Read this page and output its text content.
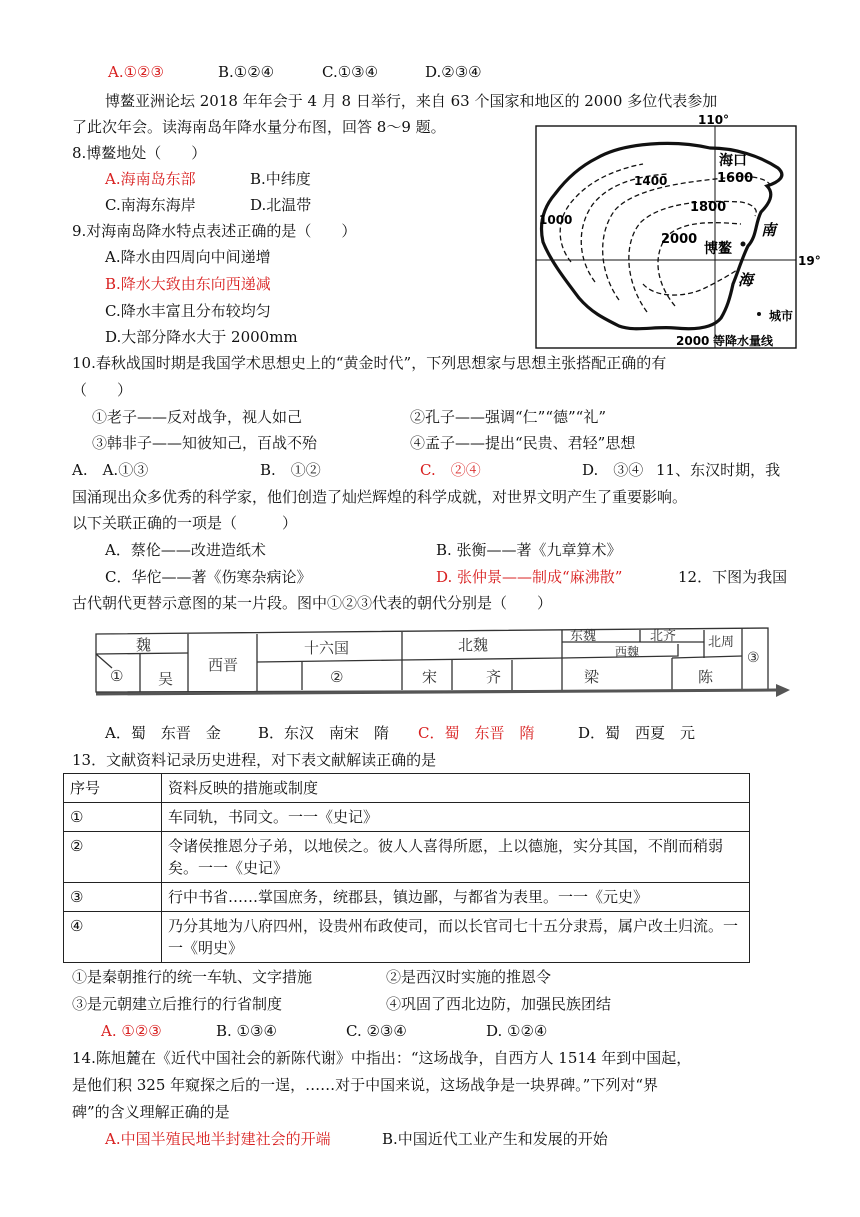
A.①②③	B.①②④	C.①③④	D.②③④
博鳌亚洲论坛 2018 年年会于 4 月 8 日举行，来自 63 个国家和地区的 2000 多位代表参加
了此次年会。读海南岛年降水量分布图，回答 8～9 题。
8.博鳌地处（　　）
A.海南岛东部	B.中纬度
C.南海东海岸	D.北温带
9.对海南岛降水特点表述正确的是（　　）
A.降水由四周向中间递增
B.降水大致由东向西递减
C.降水丰富且分布较均匀
D.大部分降水大于 2000mm
110°
19°
海口
1600
1400
1800
2000
1000
博鳌
南
海
城市
2000 等降水量线
10.春秋战国时期是我国学术思想史上的“黄金时代”，下列思想家与思想主张搭配正确的有
（　　）
①老子——反对战争，视人如己	②孔子——强调“仁”“德”“礼”
③韩非子——知彼知己，百战不殆	④孟子——提出“民贵、君轻”思想
A.　A.①③	B.　①②	C.　②④	D.　③④ 11、东汉时期，我
国涌现出众多优秀的科学家，他们创造了灿烂辉煌的科学成就，对世界文明产生了重要影响。
以下关联正确的一项是（　　　）
A．蔡伦——改进造纸术	B. 张衡——著《九章算术》
C．华佗——著《伤寒杂病论》	D. 张仲景——制成“麻沸散”	12．下图为我国
古代朝代更替示意图的某一片段。图中①②③代表的朝代分别是（　　）
魏
① 吴
西晋
十六国
②	宋
北魏
齐	梁
东魏	北齐
西魏
北周
陈
③
A．蜀　东晋　金 B．东汉　南宋　隋 C．蜀　东晋　隋	D．蜀　西夏　元
13．文献资料记录历史进程，对下表文献解读正确的是
序号	资料反映的措施或制度
①	车同轨，书同文。一一《史记》
②	令诸侯推恩分子弟，以地侯之。彼人人喜得所愿，上以德施，实分其国，不削而稍弱矣。一一《史记》
③	行中书省……掌国庶务，统郡县，镇边鄙，与都省为表里。一一《元史》
④	乃分其地为八府四州，设贵州布政使司，而以长官司七十五分隶焉，属户改土归流。一一《明史》
①是秦朝推行的统一车轨、文字措施	②是西汉时实施的推恩令
③是元朝建立后推行的行省制度	④巩固了西北边防，加强民族团结
A. ①②③	B. ①③④	C. ②③④	D. ①②④
14.陈旭麓在《近代中国社会的新陈代谢》中指出：“这场战争，自西方人 1514 年到中国起，
是他们积 325 年窥探之后的一逞，……对于中国来说，这场战争是一块界碑。”下列对“界
碑”的含义理解正确的是
A.中国半殖民地半封建社会的开端	B.中国近代工业产生和发展的开始
